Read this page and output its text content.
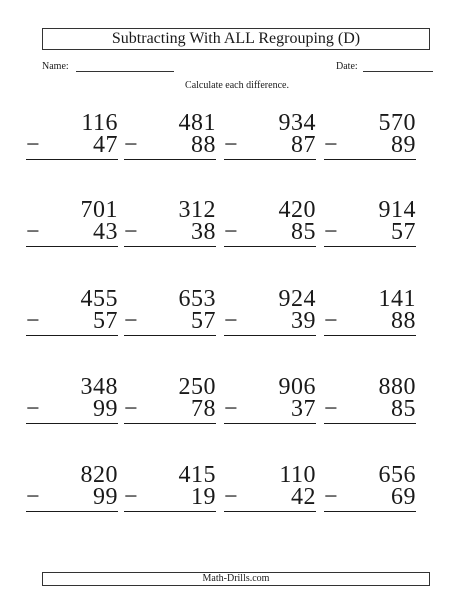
Subtracting With ALL Regrouping (D)
Name:	Date:
Calculate each difference.
116
− 47
481
− 88
934
− 87
570
− 89
701
− 43
312
− 38
420
− 85
914
− 57
455
− 57
653
− 57
924
− 39
141
− 88
348
− 99
250
− 78
906
− 37
880
− 85
820
− 99
415
− 19
110
− 42
656
− 69
Math-Drills.com
